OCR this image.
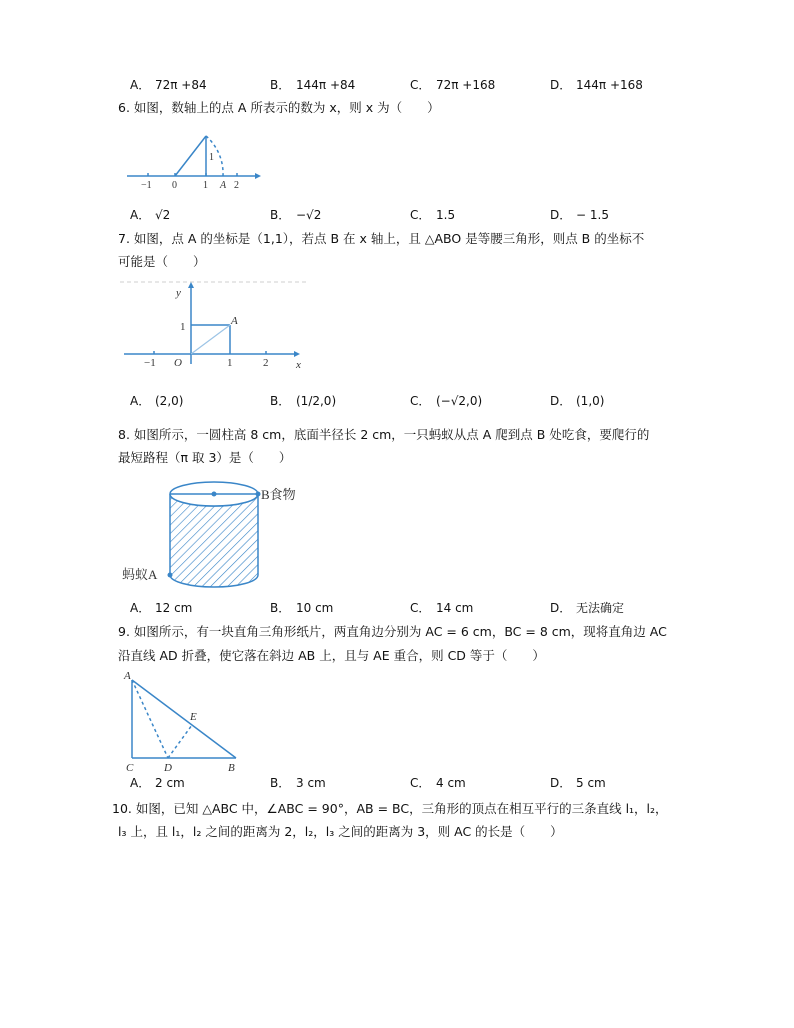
A． 72π +84	B． 144π +84	C． 72π +168	D． 144π +168
6. 如图，数轴上的点 A 所表示的数为 x，则 x 为（　　）
−1 0	1 A 2
1
A． √2	B． −√2	C． 1.5	D． − 1.5
7. 如图，点 A 的坐标是（1,1），若点 B 在 x 轴上，且 △ABO 是等腰三角形，则点 B 的坐标不
可能是（　　）
y
x
1	A
−1 O	1	2
A． (2,0)	B． (1/2,0)	C． (−√2,0)	D． (1,0)
8. 如图所示，一圆柱高 8 cm，底面半径长 2 cm，一只蚂蚁从点 A 爬到点 B 处吃食，要爬行的
最短路程（π 取 3）是（　　）
B食物
蚂蚁A
A． 12 cm	B． 10 cm	C． 14 cm	D． 无法确定
9. 如图所示，有一块直角三角形纸片，两直角边分别为 AC = 6 cm，BC = 8 cm，现将直角边 AC
沿直线 AD 折叠，使它落在斜边 AB 上，且与 AE 重合，则 CD 等于（　　）
A
E
C	D	B
A． 2 cm	B． 3 cm	C． 4 cm	D． 5 cm
10. 如图，已知 △ABC 中，∠ABC = 90°，AB = BC，三角形的顶点在相互平行的三条直线 l₁，l₂，
l₃ 上，且 l₁，l₂ 之间的距离为 2，l₂，l₃ 之间的距离为 3，则 AC 的长是（　　）
